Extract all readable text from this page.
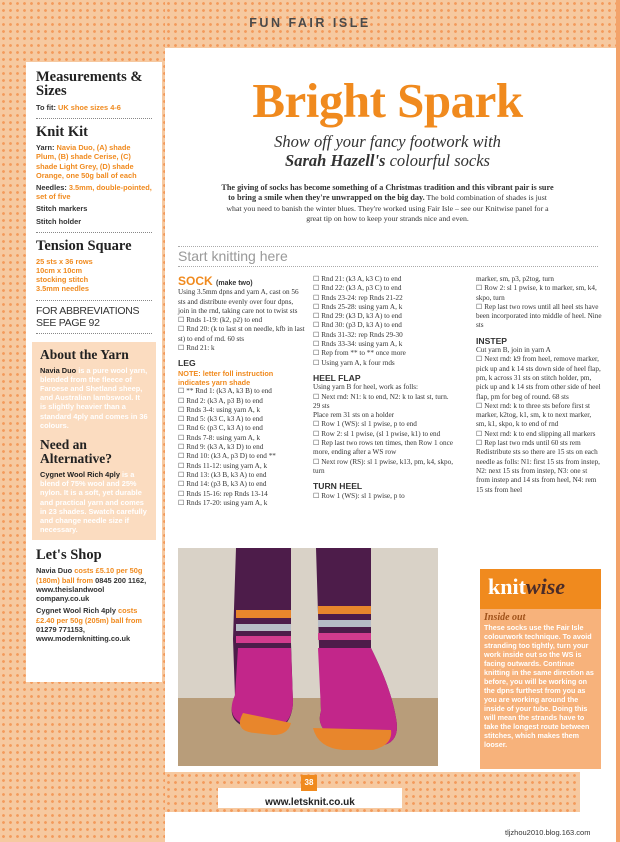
FUN FAIR ISLE
Measurements & Sizes
To fit: UK shoe sizes 4-6
Knit Kit
Yarn: Navia Duo, (A) shade Plum, (B) shade Cerise, (C) shade Light Grey, (D) shade Orange, one 50g ball of each
Needles: 3.5mm, double-pointed, set of five
Stitch markers
Stitch holder
Tension Square
25 sts x 36 rows
10cm x 10cm
stocking stitch
3.5mm needles
FOR ABBREVIATIONS SEE PAGE 92
About the Yarn
Navia Duo is a pure wool yarn, blended from the fleece of Faroese and Shetland sheep, and Australian lambswool. It is slightly heavier than a standard 4ply and comes in 36 colours.
Need an Alternative?
Cygnet Wool Rich 4ply is a blend of 75% wool and 25% nylon. It is a soft, yet durable and practical yarn and comes in 23 shades. Swatch carefully and change needle size if necessary.
Let's Shop
Navia Duo costs £5.10 per 50g (180m) ball from 0845 200 1162, www.theislandwool company.co.uk
Cygnet Wool Rich 4ply costs £2.40 per 50g (205m) ball from 01279 771153, www.modernknitting.co.uk
Bright Spark
Show off your fancy footwork with
Sarah Hazell's colourful socks
The giving of socks has become something of a Christmas tradition and this vibrant pair is sure to bring a smile when they're unwrapped on the big day. The bold combination of shades is just what you need to banish the winter blues. They're worked using Fair Isle – see our Knitwise panel for a great tip on how to keep your strands nice and even.
Start knitting here
SOCK (make two)

Using 3.5mm dpns and yarn A, cast on 56 sts and distribute evenly over four dpns, join in the rnd, taking care not to twist sts

☐ Rnds 1-19: (k2, p2) to end

☐ Rnd 20: (k to last st on needle, kfb in last st) to end of rnd. 60 sts

☐ Rnd 21: k

LEG

NOTE: letter foll instruction indicates yarn shade

☐ ** Rnd 1: (k3 A, k3 B) to end

☐ Rnd 2: (k3 A, p3 B) to end

☐ Rnds 3-4: using yarn A, k

☐ Rnd 5: (k3 C, k3 A) to end

☐ Rnd 6: (p3 C, k3 A) to end

☐ Rnds 7-8: using yarn A, k

☐ Rnd 9: (k3 A, k3 D) to end

☐ Rnd 10: (k3 A, p3 D) to end **

☐ Rnds 11-12: using yarn A, k

☐ Rnd 13: (k3 B, k3 A) to end

☐ Rnd 14: (p3 B, k3 A) to end

☐ Rnds 15-16: rep Rnds 13-14

☐ Rnds 17-20: using yarn A, k

☐ Rnd 21: (k3 A, k3 C) to end

☐ Rnd 22: (k3 A, p3 C) to end

☐ Rnds 23-24: rep Rnds 21-22

☐ Rnds 25-28: using yarn A, k

☐ Rnd 29: (k3 D, k3 A) to end

☐ Rnd 30: (p3 D, k3 A) to end

☐ Rnds 31-32: rep Rnds 29-30

☐ Rnds 33-34: using yarn A, k

☐ Rep from ** to ** once more

☐ Using yarn A, k four rnds

HEEL FLAP

Using yarn B for heel, work as folls:

☐ Next rnd: N1: k to end, N2: k to last st, turn. 29 sts

Place rem 31 sts on a holder

☐ Row 1 (WS): sl 1 pwise, p to end

☐ Row 2: sl 1 pwise, (sl 1 pwise, k1) to end

☐ Rep last two rows ten times, then Row 1 once more, ending after a WS row

☐ Next row (RS): sl 1 pwise, k13, pm, k4, skpo, turn

TURN HEEL

☐ Row 1 (WS): sl 1 pwise, p to

marker, sm, p3, p2tog, turn

☐ Row 2: sl 1 pwise, k to marker, sm, k4, skpo, turn

☐ Rep last two rows until all heel sts have been incorporated into middle of heel. Nine sts

INSTEP

Cut yarn B, join in yarn A

☐ Next rnd: k9 from heel, remove marker, pick up and k 14 sts down side of heel flap, pm, k across 31 sts on stitch holder, pm, pick up and k 14 sts from other side of heel flap, pm for beg of round. 68 sts

☐ Next rnd: k to three sts before first st marker, k2tog, k1, sm, k to next marker, sm, k1, skpo, k to end of rnd

☐ Next rnd: k to end slipping all markers

☐ Rep last two rnds until 60 sts rem

Redistribute sts so there are 15 sts on each needle as folls: N1: first 15 sts from instep, N2: next 15 sts from instep, N3: one st from instep and 14 sts from heel, N4: rem 15 sts from heel

knitwise
Inside out
These socks use the Fair Isle colourwork technique. To avoid stranding too tightly, turn your work inside out so the WS is facing outwards. Continue knitting in the same direction as before, you will be working on the dpns furthest from you as you are working around the inside of your tube. Doing this will mean the strands have to take the longest route between stitches, which makes them looser.
38
www.letsknit.co.uk
tljzhou2010.blog.163.com
